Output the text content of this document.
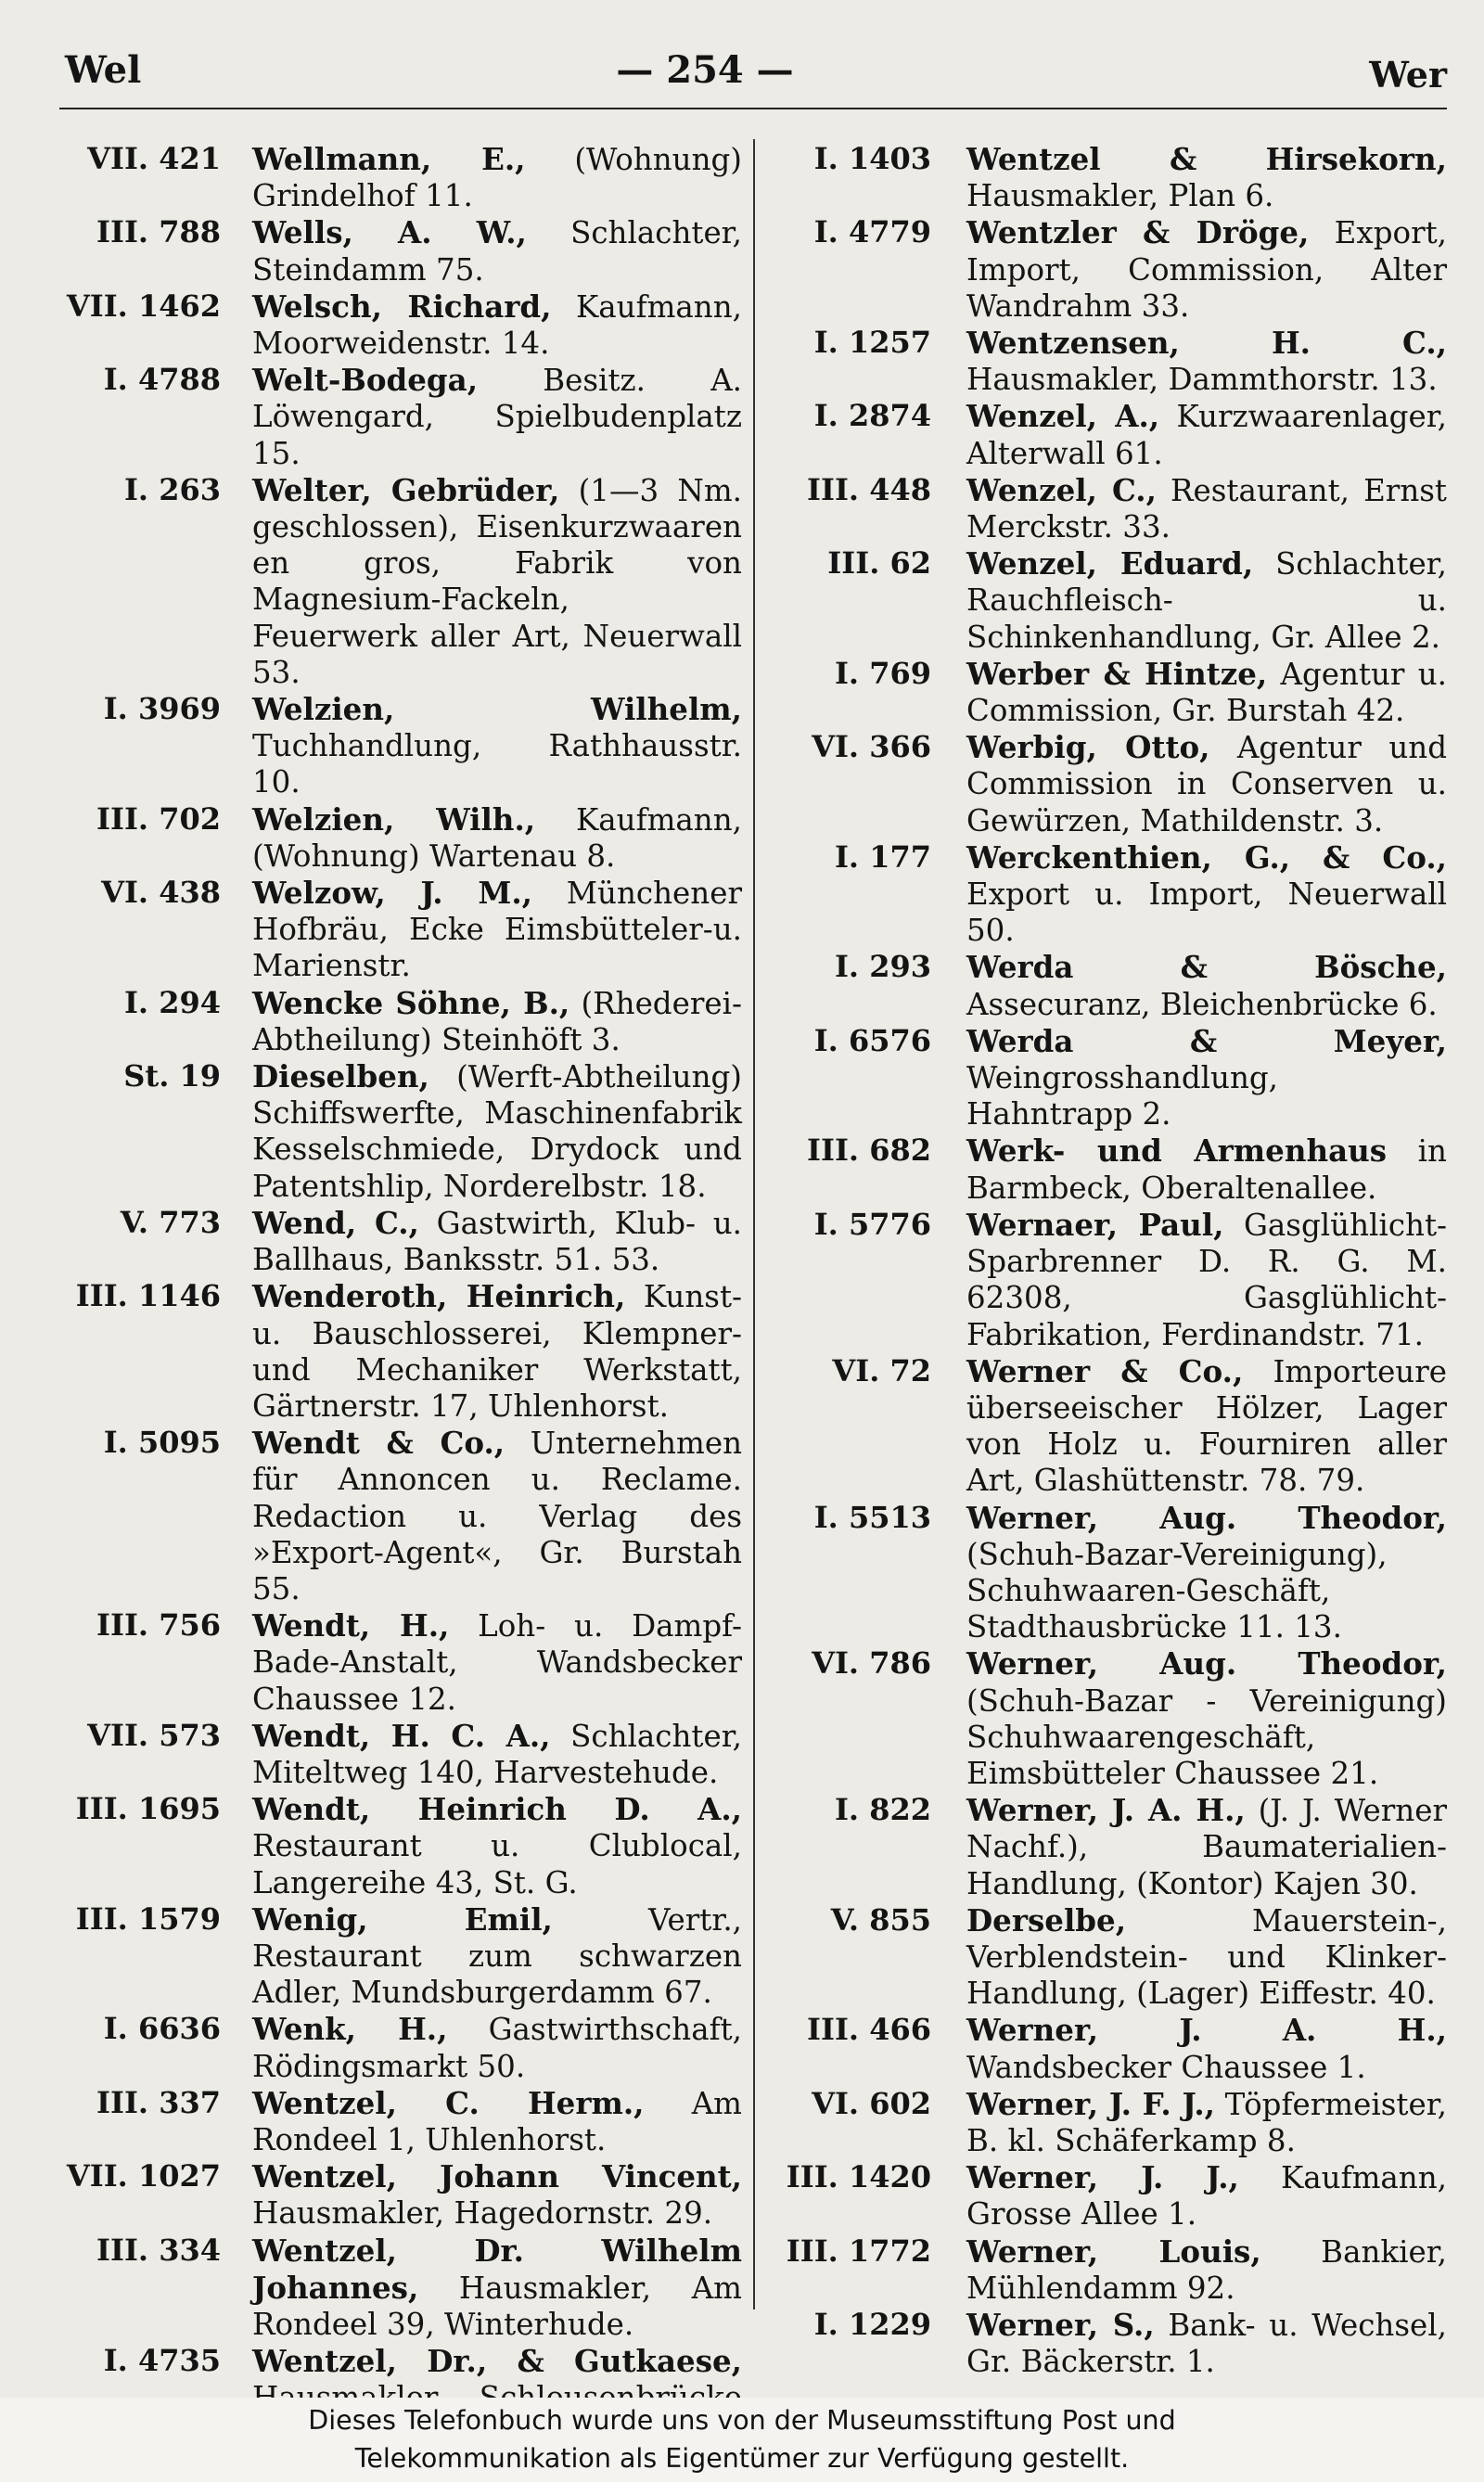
Wel	— 254 —	Wer
VII. 421	Wellmann, E., (Wohnung) Grindelhof 11.
III. 788	Wells, A. W., Schlachter, Steindamm 75.
VII. 1462	Welsch, Richard, Kaufmann, Moorweidenstr. 14.
I. 4788	Welt-Bodega, Besitz. A. Löwengard, Spielbudenplatz 15.
I. 263	Welter, Gebrüder, (1—3 Nm. geschlossen), Eisenkurzwaaren en gros, Fabrik von Magnesium-Fackeln, Feuerwerk aller Art, Neuerwall 53.
I. 3969	Welzien, Wilhelm, Tuchhandlung, Rathhausstr. 10.
III. 702	Welzien, Wilh., Kaufmann, (Wohnung) Wartenau 8.
VI. 438	Welzow, J. M., Münchener Hofbräu, Ecke Eimsbütteler-u. Marienstr.
I. 294	Wencke Söhne, B., (Rhederei-Abtheilung) Steinhöft 3.
St. 19	Dieselben, (Werft-Abtheilung) Schiffswerfte, Maschinenfabrik Kesselschmiede, Drydock und Patentshlip, Norderelbstr. 18.
V. 773	Wend, C., Gastwirth, Klub- u. Ballhaus, Banksstr. 51. 53.
III. 1146	Wenderoth, Heinrich, Kunst- u. Bauschlosserei, Klempner- und Mechaniker Werkstatt, Gärtnerstr. 17, Uhlenhorst.
I. 5095	Wendt & Co., Unternehmen für Annoncen u. Reclame. Redaction u. Verlag des »Export-Agent«, Gr. Burstah 55.
III. 756	Wendt, H., Loh- u. Dampf-Bade-Anstalt, Wandsbecker Chaussee 12.
VII. 573	Wendt, H. C. A., Schlachter, Miteltweg 140, Harvestehude.
III. 1695	Wendt, Heinrich D. A., Restaurant u. Clublocal, Langereihe 43, St. G.
III. 1579	Wenig, Emil, Vertr., Restaurant zum schwarzen Adler, Mundsburgerdamm 67.
I. 6636	Wenk, H., Gastwirthschaft, Rödingsmarkt 50.
III. 337	Wentzel, C. Herm., Am Rondeel 1, Uhlenhorst.
VII. 1027	Wentzel, Johann Vincent, Hausmakler, Hagedornstr. 29.
III. 334	Wentzel, Dr. Wilhelm Johannes, Hausmakler, Am Rondeel 39, Winterhude.
I. 4735	Wentzel, Dr., & Gutkaese,
I. 1403	Wentzel & Hirsekorn, Hausmakler, Plan 6.
I. 4779	Wentzler & Dröge, Export, Import, Commission, Alter Wandrahm 33.
I. 1257	Wentzensen, H. C., Hausmakler, Dammthorstr. 13.
I. 2874	Wenzel, A., Kurzwaarenlager, Alterwall 61.
III. 448	Wenzel, C., Restaurant, Ernst Merckstr. 33.
III. 62	Wenzel, Eduard, Schlachter, Rauchfleisch- u. Schinkenhandlung, Gr. Allee 2.
I. 769	Werber & Hintze, Agentur u. Commission, Gr. Burstah 42.
VI. 366	Werbig, Otto, Agentur und Commission in Conserven u. Gewürzen, Mathildenstr. 3.
I. 177	Werckenthien, G., & Co., Export u. Import, Neuerwall 50.
I. 293	Werda & Bösche, Assecuranz, Bleichenbrücke 6.
I. 6576	Werda & Meyer, Weingrosshandlung, Hahntrapp 2.
III. 682	Werk- und Armenhaus in Barmbeck, Oberaltenallee.
I. 5776	Wernaer, Paul, Gasglühlicht-Sparbrenner D. R. G. M. 62308, Gasglühlicht-Fabrikation, Ferdinandstr. 71.
VI. 72	Werner & Co., Importeure überseeischer Hölzer, Lager von Holz u. Fourniren aller Art, Glashüttenstr. 78. 79.
I. 5513	Werner, Aug. Theodor, (Schuh-Bazar-Vereinigung), Schuhwaaren-Geschäft, Stadthausbrücke 11. 13.
VI. 786	Werner, Aug. Theodor, (Schuh-Bazar - Vereinigung) Schuhwaarengeschäft, Eimsbütteler Chaussee 21.
I. 822	Werner, J. A. H., (J. J. Werner Nachf.), Baumaterialien-Handlung, (Kontor) Kajen 30.
V. 855	Derselbe, Mauerstein-, Verblendstein- und Klinker-Handlung, (Lager) Eiffestr. 40.
III. 466	Werner, J. A. H., Wandsbecker Chaussee 1.
VI. 602	Werner, J. F. J., Töpfermeister, B. kl. Schäferkamp 8.
III. 1420	Werner, J. J., Kaufmann, Grosse Allee 1.
III. 1772	Werner, Louis, Bankier, Mühlendamm 92.
I. 1229	Werner, S., Bank- u. Wechsel, Gr. Bäckerstr. 1.
Dieses Telefonbuch wurde uns von der Museumsstiftung Post und
Telekommunikation als Eigentümer zur Verfügung gestellt.
